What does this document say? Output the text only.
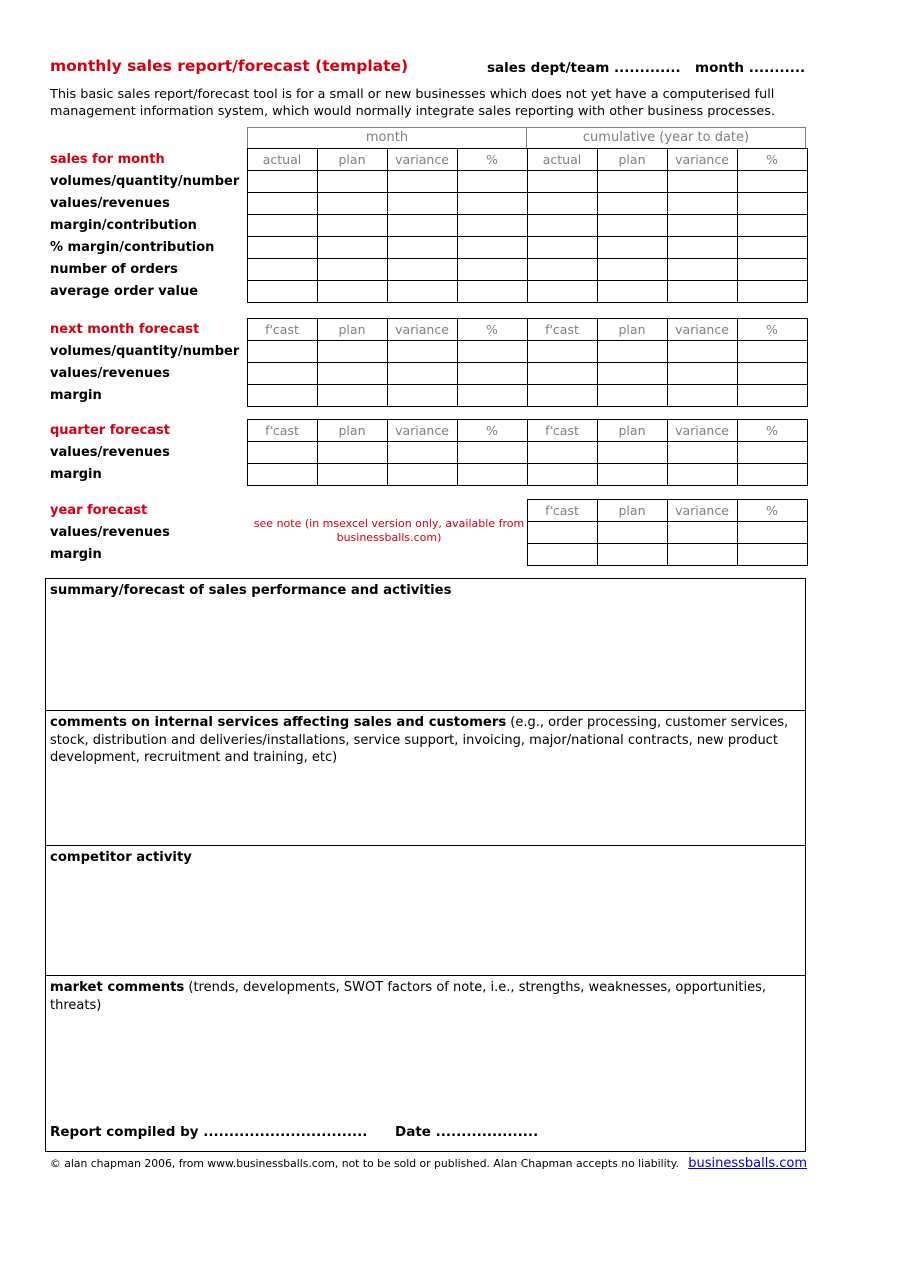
monthly sales report/forecast (template)	sales dept/team ............. month ...........
This basic sales report/forecast tool is for a small or new businesses which does not yet have a computerised full
management information system, which would normally integrate sales reporting with other business processes.
month	cumulative (year to date)
sales for month	actual	plan	variance	%	actual	plan	variance	%
volumes/quantity/number								
values/revenues								
margin/contribution								
% margin/contribution								
number of orders								
average order value								
next month forecast	f'cast	plan	variance	%	f'cast	plan	variance	%
volumes/quantity/number								
values/revenues								
margin								
quarter forecast	f'cast	plan	variance	%	f'cast	plan	variance	%
values/revenues								
margin								
year forecast		f'cast	plan	variance	%
values/revenues					
margin					
see note (in msexcel version only, available from businessballs.com)
summary/forecast of sales performance and activities
comments on internal services affecting sales and customers (e.g., order processing, customer services, stock, distribution and deliveries/installations, service support, invoicing, major/national contracts, new product development, recruitment and training, etc)
competitor activity
market comments (trends, developments, SWOT factors of note, i.e., strengths, weaknesses, opportunities, threats)
Report compiled by ................................ Date ....................
© alan chapman 2006, from www.businessballs.com, not to be sold or published. Alan Chapman accepts no liability. businessballs.com
